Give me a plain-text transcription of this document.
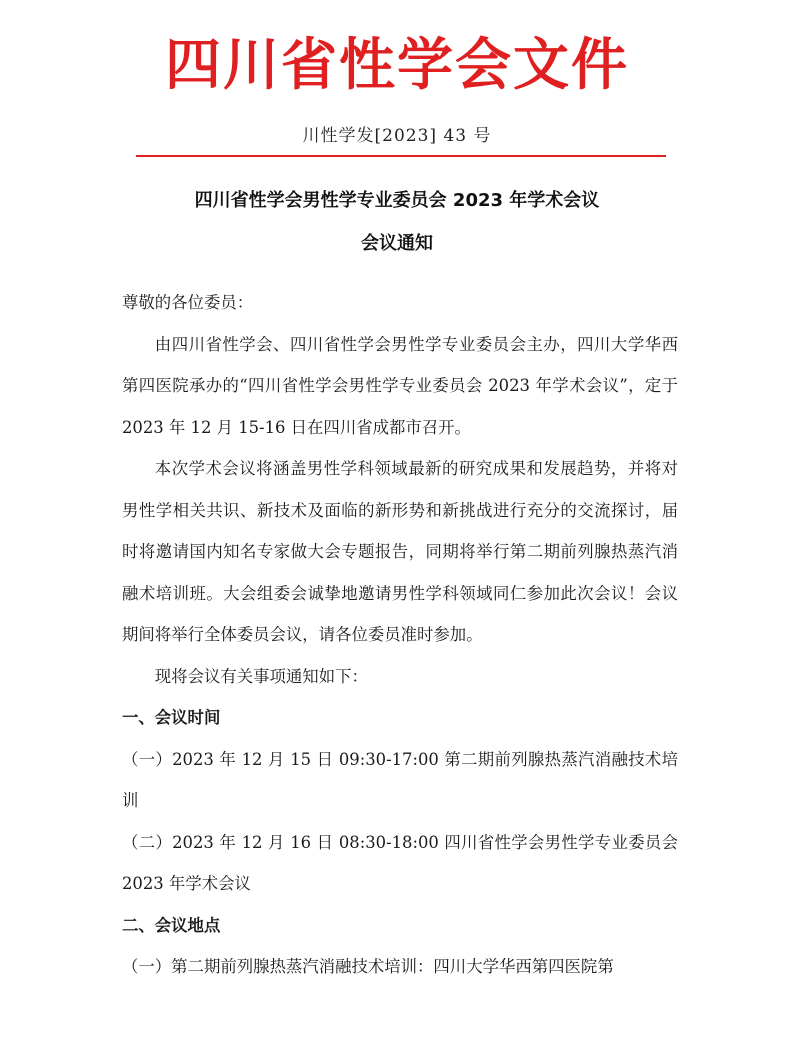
四川省性学会文件
川性学发[2023] 43 号
四川省性学会男性学专业委员会 2023 年学术会议
会议通知

尊敬的各位委员：

由四川省性学会、四川省性学会男性学专业委员会主办，四川大学华西第四医院承办的“四川省性学会男性学专业委员会 2023 年学术会议”，定于 2023 年 12 月 15-16 日在四川省成都市召开。

本次学术会议将涵盖男性学科领域最新的研究成果和发展趋势，并将对男性学相关共识、新技术及面临的新形势和新挑战进行充分的交流探讨，届时将邀请国内知名专家做大会专题报告，同期将举行第二期前列腺热蒸汽消融术培训班。大会组委会诚挚地邀请男性学科领域同仁参加此次会议！会议期间将举行全体委员会议，请各位委员准时参加。

现将会议有关事项通知如下：

一、会议时间

（一）2023 年 12 月 15 日 09:30-17:00 第二期前列腺热蒸汽消融技术培训

（二）2023 年 12 月 16 日 08:30-18:00 四川省性学会男性学专业委员会 2023 年学术会议

二、会议地点

（一）第二期前列腺热蒸汽消融技术培训：四川大学华西第四医院第
